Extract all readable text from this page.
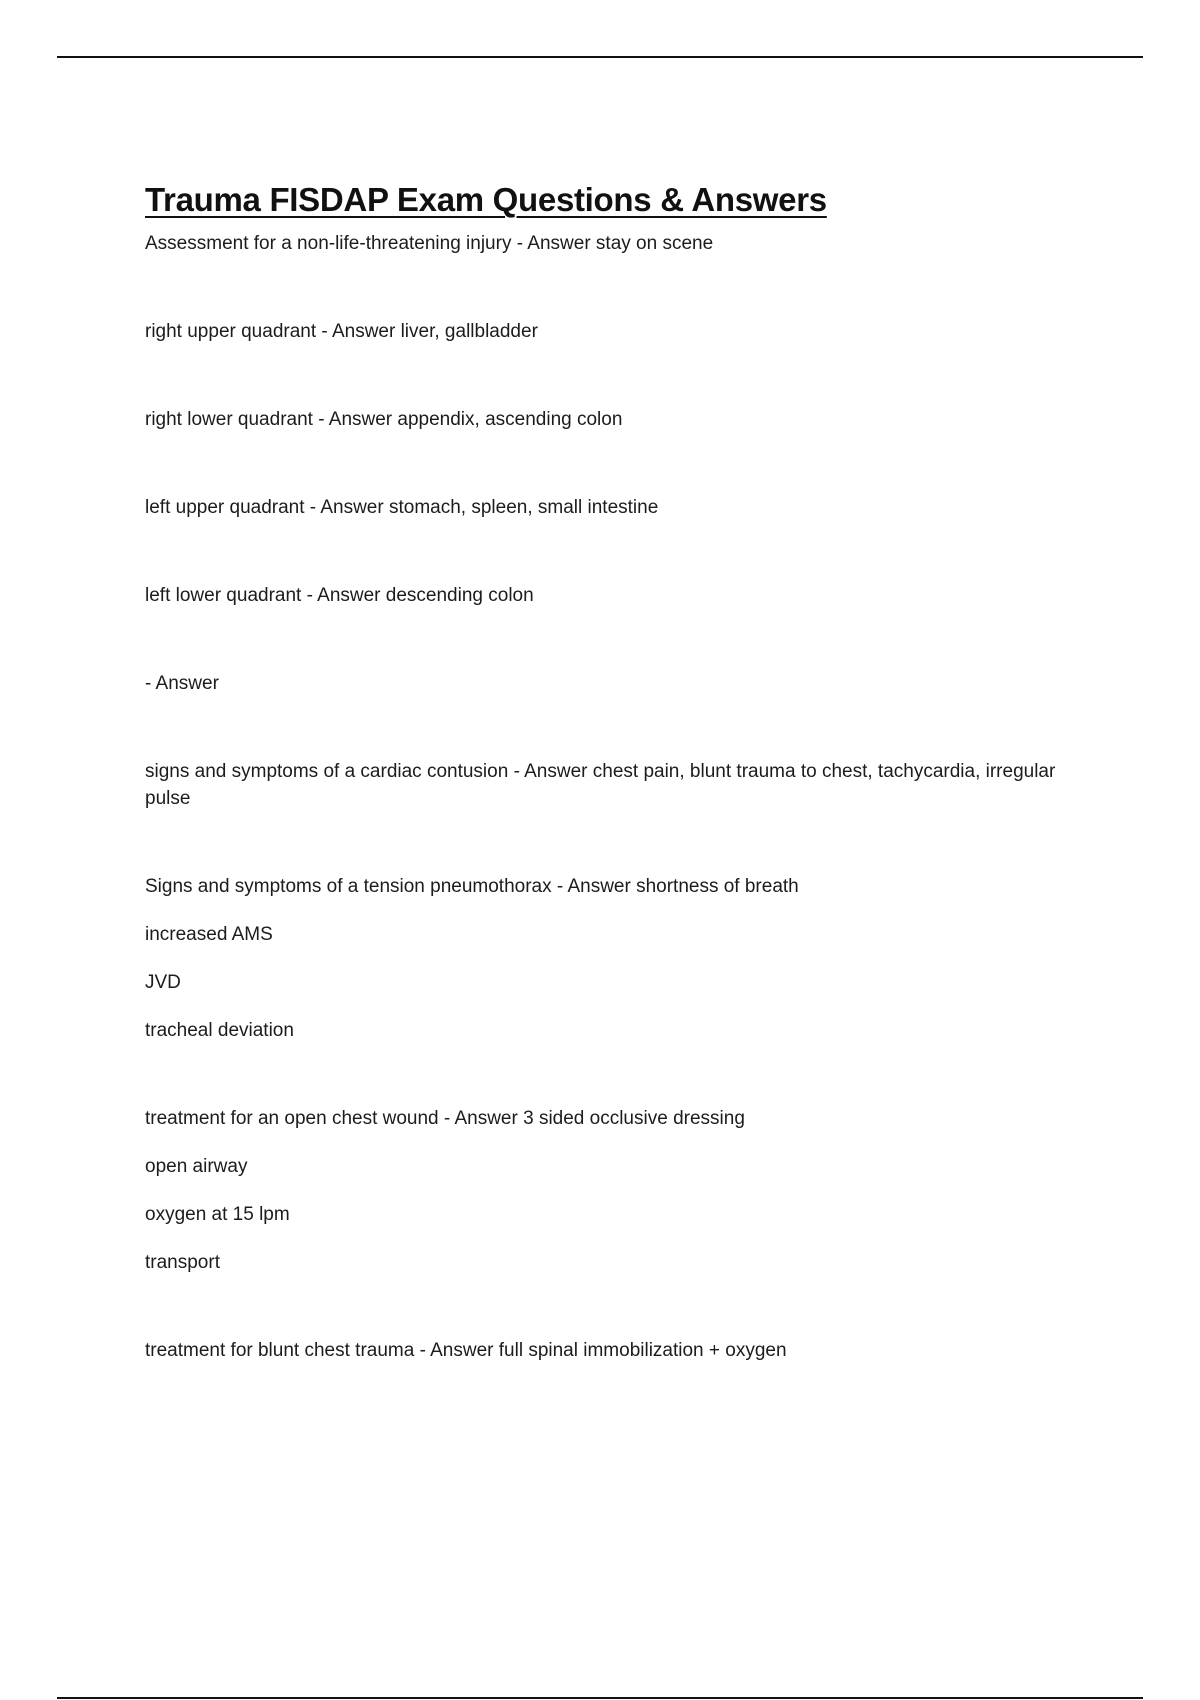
Trauma FISDAP Exam Questions & Answers

Assessment for a non-life-threatening injury - Answer stay on scene

right upper quadrant - Answer liver, gallbladder

right lower quadrant - Answer appendix, ascending colon

left upper quadrant - Answer stomach, spleen, small intestine

left lower quadrant - Answer descending colon

- Answer

signs and symptoms of a cardiac contusion - Answer chest pain, blunt trauma to chest, tachycardia, irregular pulse

Signs and symptoms of a tension pneumothorax - Answer shortness of breath

increased AMS

JVD

tracheal deviation

treatment for an open chest wound - Answer 3 sided occlusive dressing

open airway

oxygen at 15 lpm

transport

treatment for blunt chest trauma - Answer full spinal immobilization + oxygen
